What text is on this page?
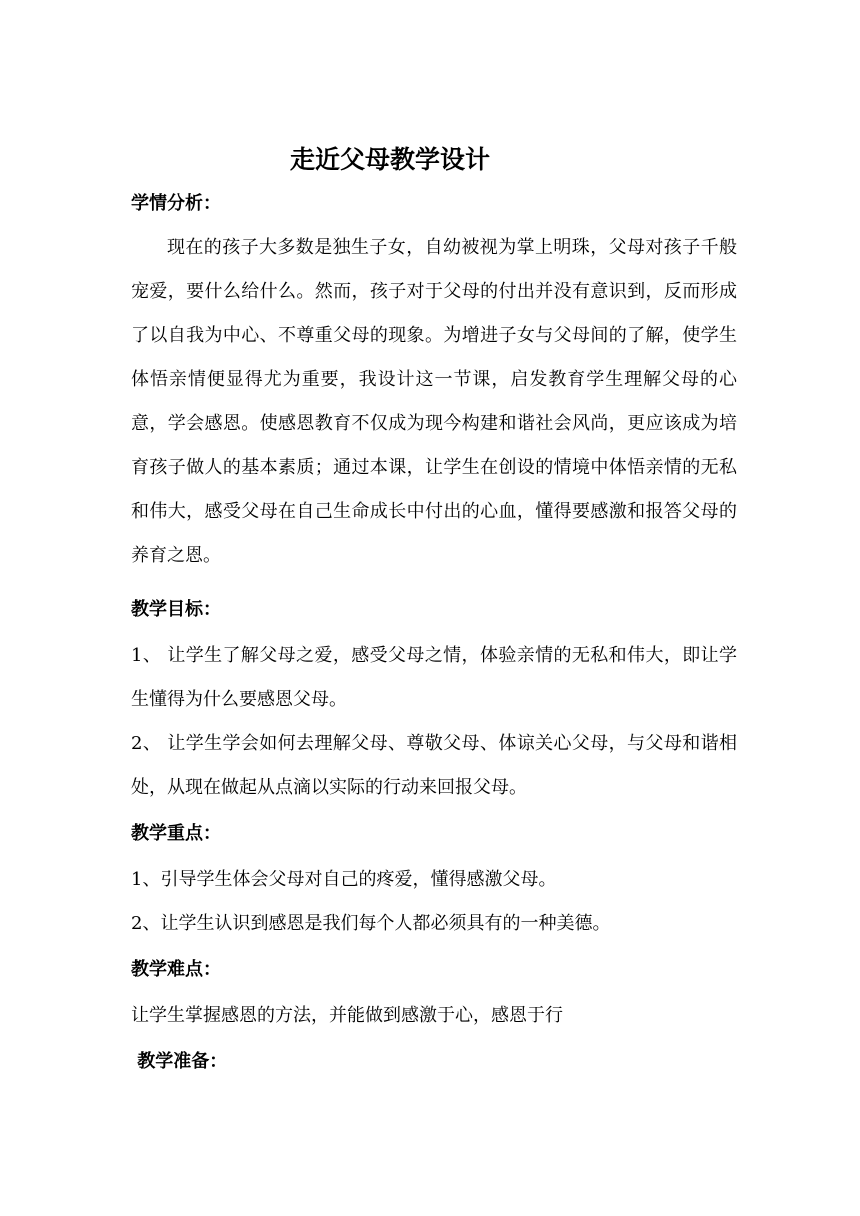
走近父母教学设计
学情分析：

现在的孩子大多数是独生子女，自幼被视为掌上明珠，父母对孩子千般宠爱，要什么给什么。然而，孩子对于父母的付出并没有意识到，反而形成了以自我为中心、不尊重父母的现象。为增进子女与父母间的了解，使学生体悟亲情便显得尤为重要，我设计这一节课，启发教育学生理解父母的心意，学会感恩。使感恩教育不仅成为现今构建和谐社会风尚，更应该成为培育孩子做人的基本素质；通过本课，让学生在创设的情境中体悟亲情的无私和伟大，感受父母在自己生命成长中付出的心血，懂得要感激和报答父母的养育之恩。

教学目标：

1、 让学生了解父母之爱，感受父母之情，体验亲情的无私和伟大，即让学生懂得为什么要感恩父母。

2、 让学生学会如何去理解父母、尊敬父母、体谅关心父母，与父母和谐相处，从现在做起从点滴以实际的行动来回报父母。

教学重点：
1、引导学生体会父母对自己的疼爱，懂得感激父母。
2、让学生认识到感恩是我们每个人都必须具有的一种美德。
教学难点：
让学生掌握感恩的方法，并能做到感激于心，感恩于行
教学准备：
